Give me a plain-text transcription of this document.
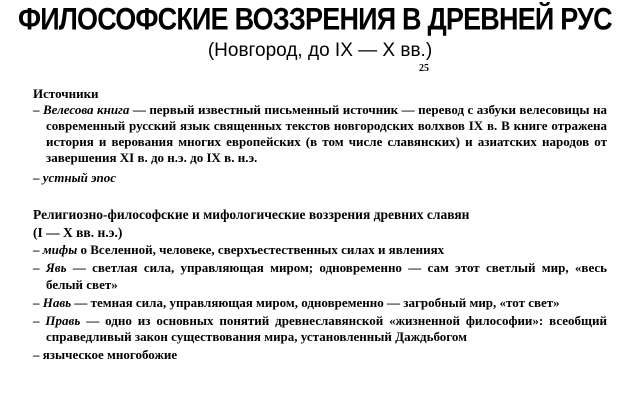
ФИЛОСОФСКИЕ ВОЗЗРЕНИЯ В ДРЕВНЕЙ РУС
(Новгород, до IX — X вв.)
25
Источники
– Велесова книга — первый известный письменный источник — перевод с азбуки велесовицы на современный русский язык священных текстов новгородских волхвов IX в. В книге отражена история и верования многих европейских (в том числе славянских) и азиатских народов от завершения XI в. до н.э. до IX в. н.э.
– устный эпос
Религиозно-философские и мифологические воззрения древних славян
(I — X вв. н.э.)
– мифы о Вселенной, человеке, сверхъестественных силах и явлениях
– Явь — светлая сила, управляющая миром; одновременно — сам этот светлый мир, «весь белый свет»
– Навь — темная сила, управляющая миром, одновременно — загробный мир, «тот свет»
– Правь — одно из основных понятий древнеславянской «жизненной философии»: всеобщий справедливый закон существования мира, установленный Даждьбогом
– языческое многобожие
